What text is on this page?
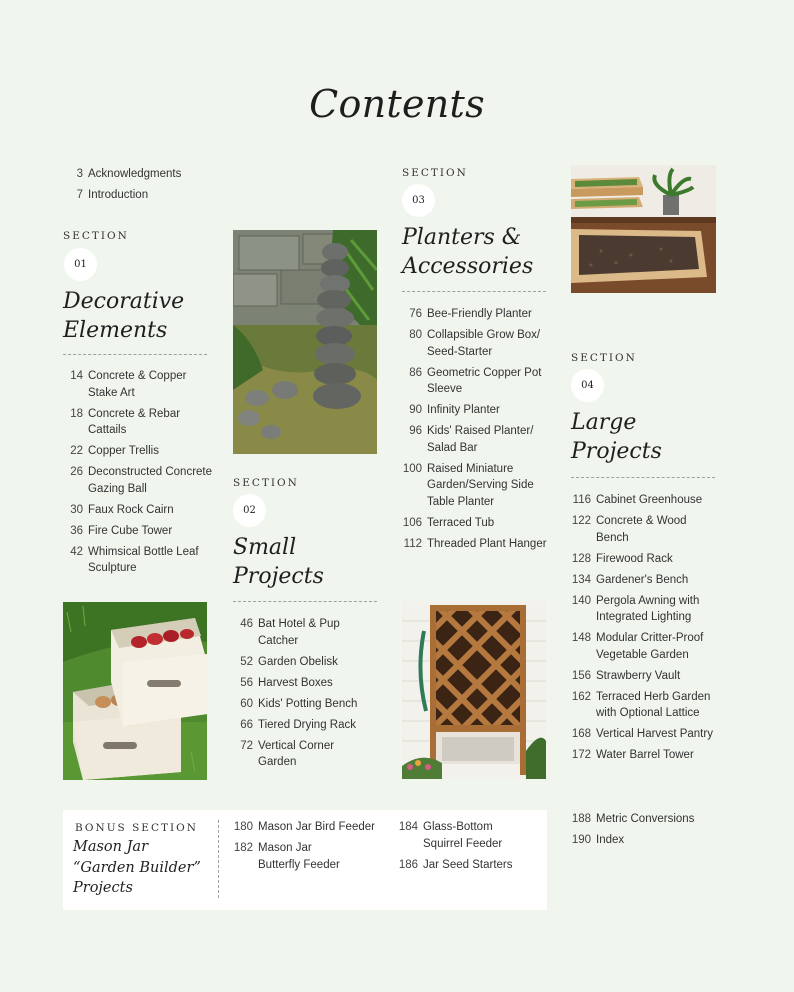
Contents
3 Acknowledgments
7 Introduction
SECTION
01
Decorative
Elements
14 Concrete & Copper Stake Art
18 Concrete & Rebar Cattails
22 Copper Trellis
26 Deconstructed Concrete Gazing Ball
30 Faux Rock Cairn
36 Fire Cube Tower
42 Whimsical Bottle Leaf Sculpture
SECTION
02
Small
Projects
46 Bat Hotel & Pup Catcher
52 Garden Obelisk
56 Harvest Boxes
60 Kids' Potting Bench
66 Tiered Drying Rack
72 Vertical Corner Garden
SECTION
03
Planters &
Accessories
76 Bee-Friendly Planter
80 Collapsible Grow Box/ Seed-Starter
86 Geometric Copper Pot Sleeve
90 Infinity Planter
96 Kids' Raised Planter/ Salad Bar
100 Raised Miniature Garden/Serving Side Table Planter
106 Terraced Tub
112 Threaded Plant Hanger
SECTION
04
Large
Projects
116 Cabinet Greenhouse
122 Concrete & Wood Bench
128 Firewood Rack
134 Gardener's Bench
140 Pergola Awning with Integrated Lighting
148 Modular Critter-Proof Vegetable Garden
156 Strawberry Vault
162 Terraced Herb Garden with Optional Lattice
168 Vertical Harvest Pantry
172 Water Barrel Tower
BONUS SECTION
Mason Jar
“Garden Builder”
Projects
180 Mason Jar Bird Feeder
182 Mason Jar Butterfly Feeder
184 Glass-Bottom Squirrel Feeder
186 Jar Seed Starters
188 Metric Conversions
190 Index
